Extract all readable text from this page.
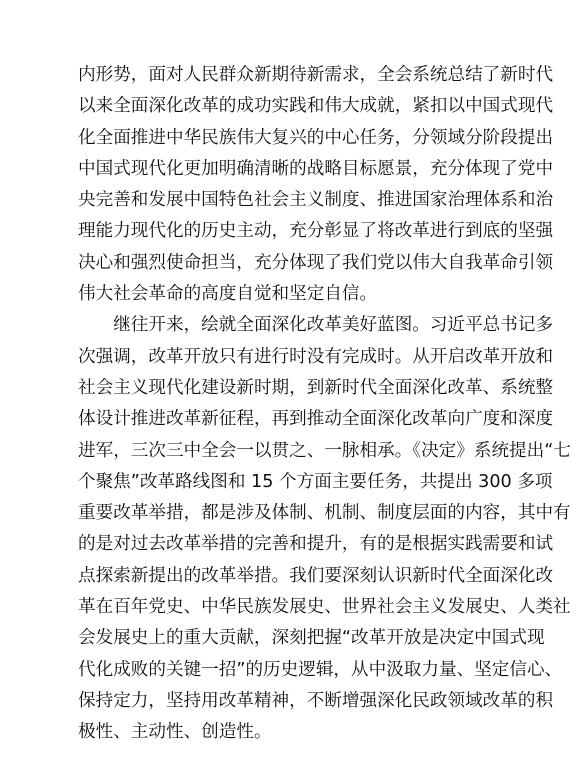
内形势，面对人民群众新期待新需求，全会系统总结了新时代
以来全面深化改革的成功实践和伟大成就，紧扣以中国式现代
化全面推进中华民族伟大复兴的中心任务，分领域分阶段提出
中国式现代化更加明确清晰的战略目标愿景，充分体现了党中
央完善和发展中国特色社会主义制度、推进国家治理体系和治
理能力现代化的历史主动，充分彰显了将改革进行到底的坚强
决心和强烈使命担当，充分体现了我们党以伟大自我革命引领
伟大社会革命的高度自觉和坚定自信。
　　继往开来，绘就全面深化改革美好蓝图。习近平总书记多
次强调，改革开放只有进行时没有完成时。从开启改革开放和
社会主义现代化建设新时期，到新时代全面深化改革、系统整
体设计推进改革新征程，再到推动全面深化改革向广度和深度
进军，三次三中全会一以贯之、一脉相承。《决定》系统提出“七
个聚焦”改革路线图和 15 个方面主要任务，共提出 300 多项
重要改革举措，都是涉及体制、机制、制度层面的内容，其中有
的是对过去改革举措的完善和提升，有的是根据实践需要和试
点探索新提出的改革举措。我们要深刻认识新时代全面深化改
革在百年党史、中华民族发展史、世界社会主义发展史、人类社
会发展史上的重大贡献，深刻把握“改革开放是决定中国式现
代化成败的关键一招”的历史逻辑，从中汲取力量、坚定信心、
保持定力，坚持用改革精神，不断增强深化民政领域改革的积
极性、主动性、创造性。
